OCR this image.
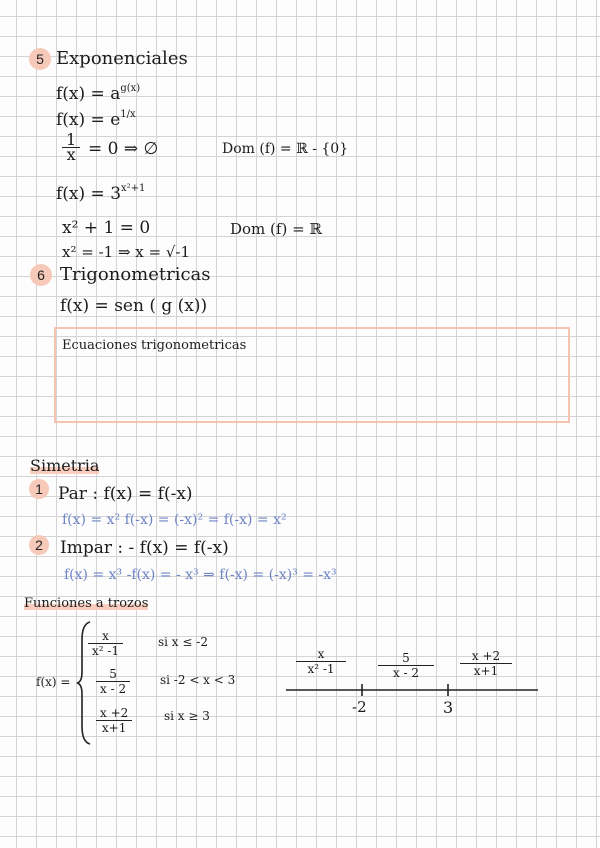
5 Exponenciales
$f(x) = a^{g(x)}$
$f(x) = e^{1/x}$
1
x = 0 ⇒ ∅	Dom (f) = ℝ - {0}
$f(x) = 3^{x^2+1}$
x² + 1 = 0	Dom (f) = ℝ
x² = -1 ⇒ x = √-1
6 Trigonometricas
f(x) = sen ( g (x))
Ecuaciones trigonometricas
Simetria
1 Par : f(x) = f(-x)
f(x) = x² f(-x) = (-x)² = f(-x) = x²
2 Impar : - f(x) = f(-x)
f(x) = x³ -f(x) = - x³ ⇒ f(-x) = (-x)³ = -x³
Funciones a trozos
f(x) =
x
x² -1
si x ≤ -2
5
x - 2
si -2 < x < 3
x +2
x+1
si x ≥ 3
x
x² -1
5
x - 2
x +2
x+1
-2	3
